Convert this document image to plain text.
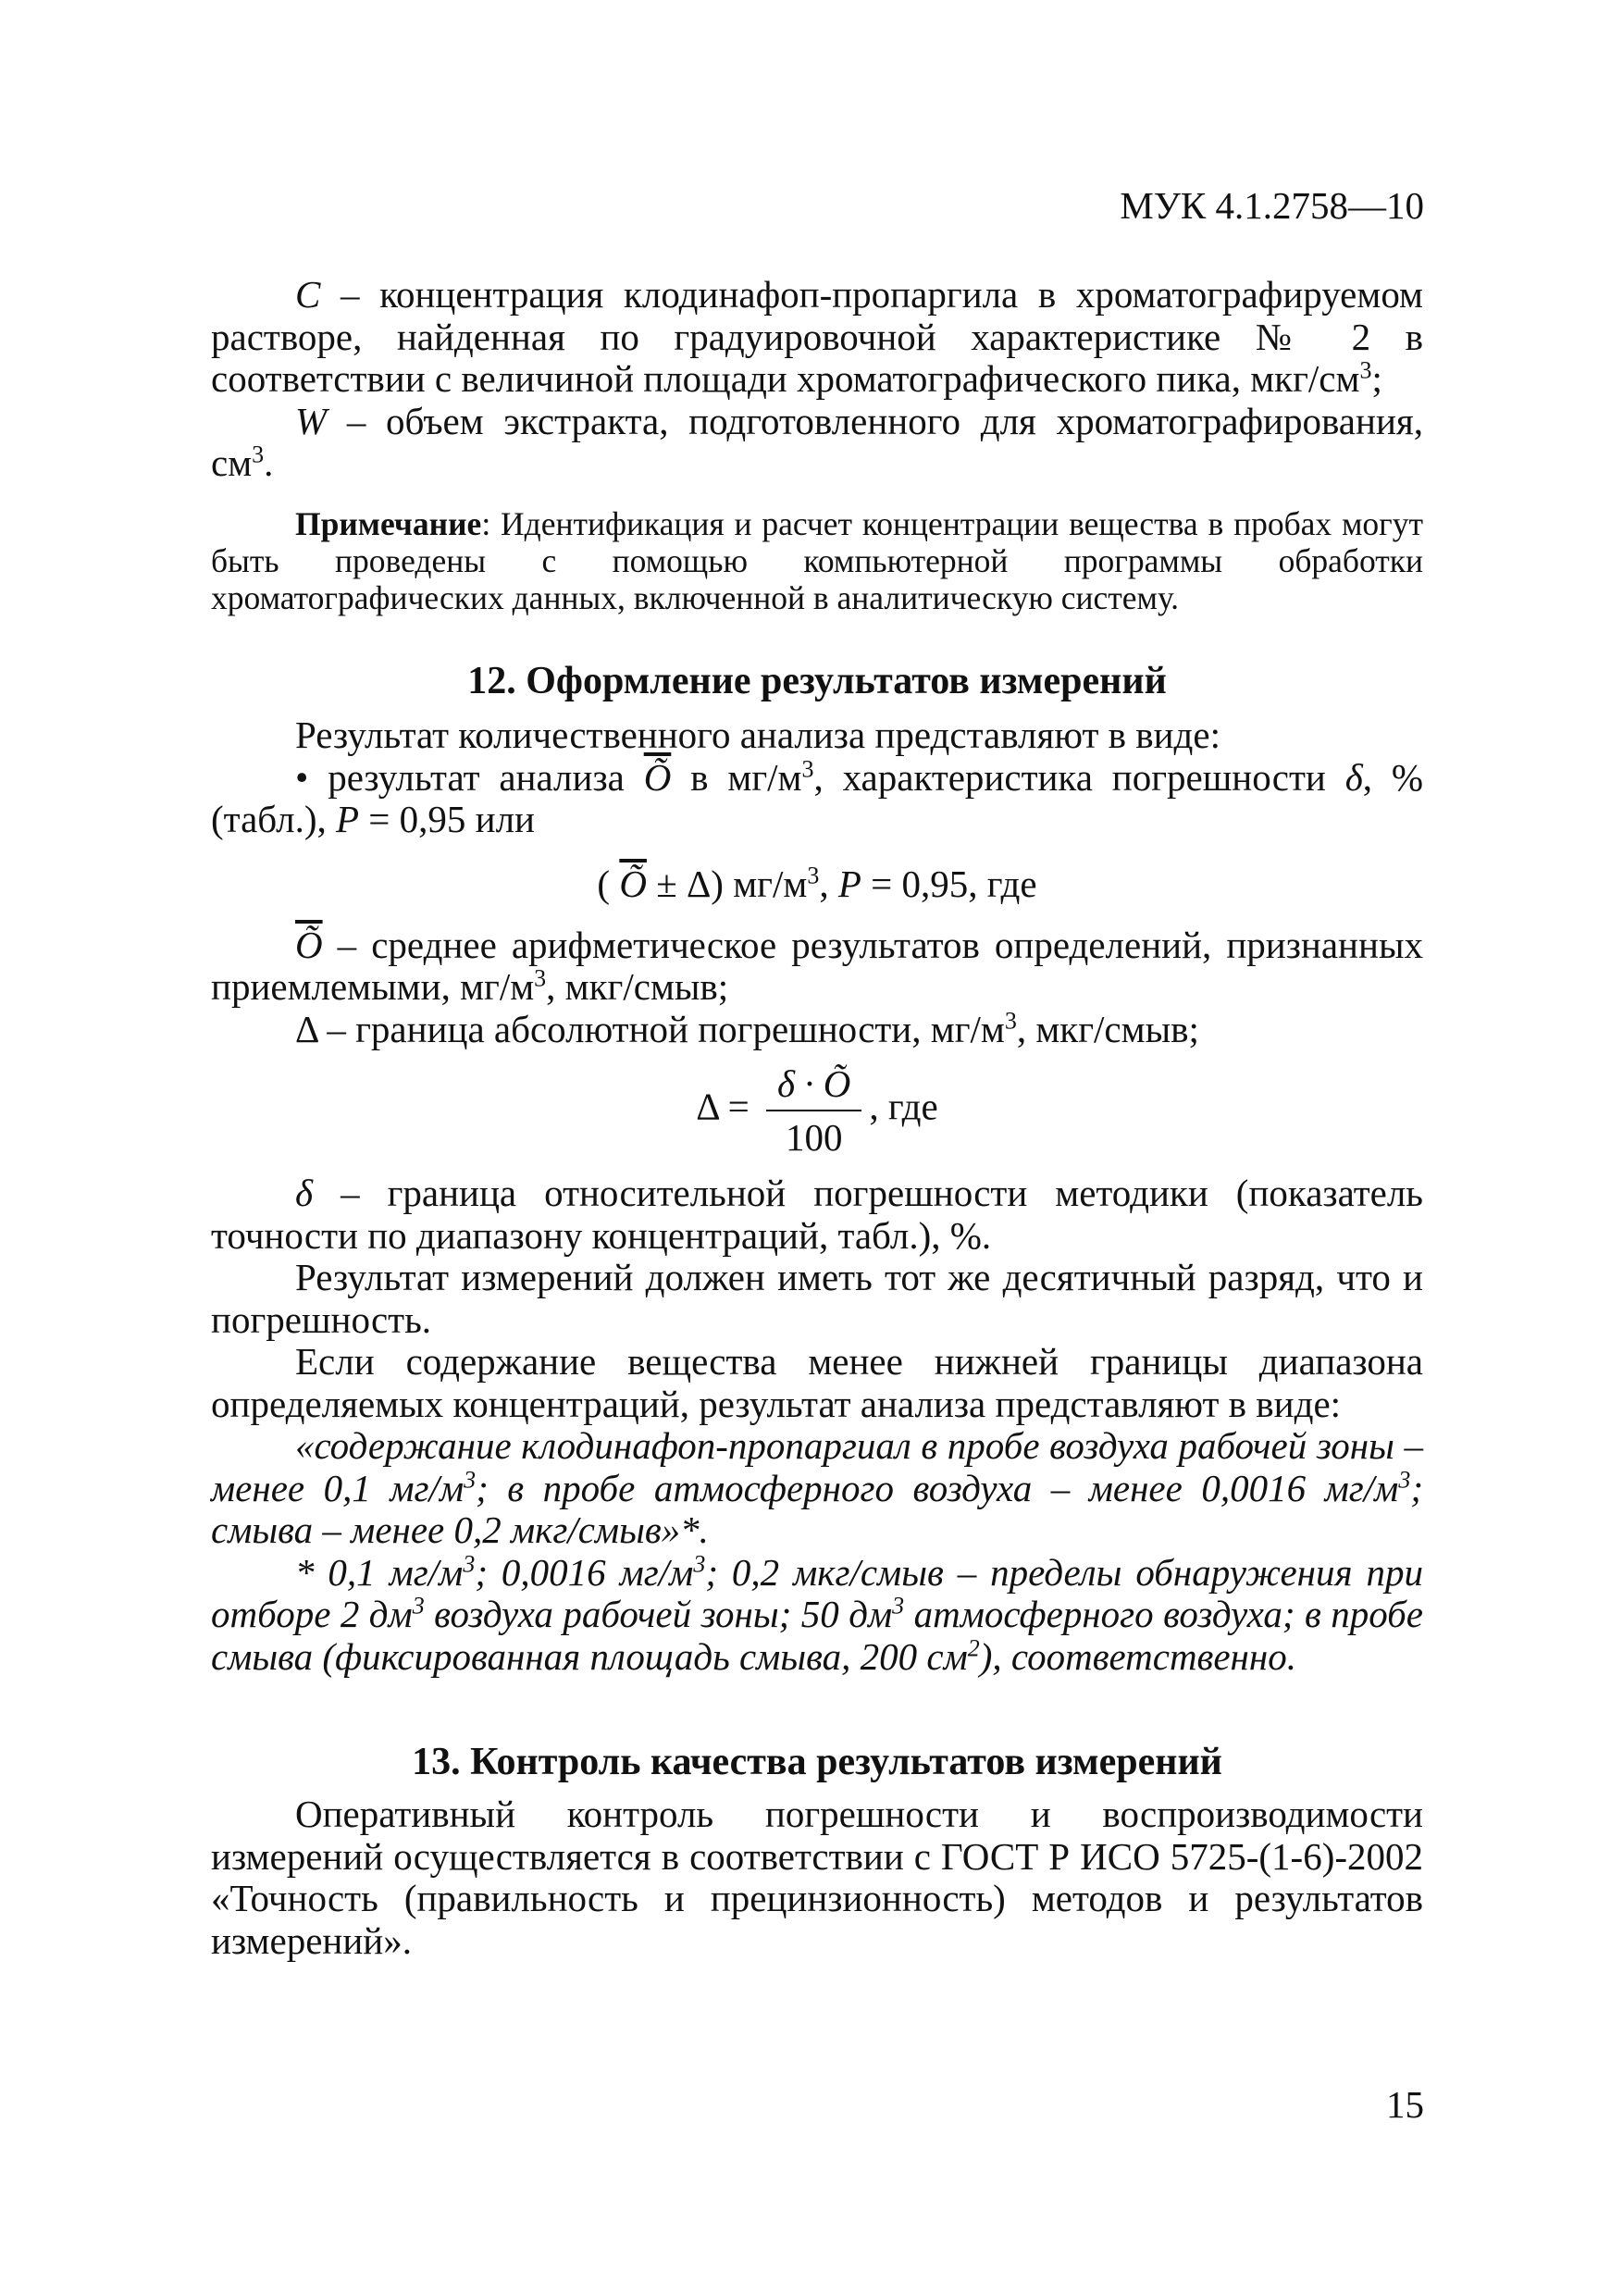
МУК 4.1.2758—10

С – концентрация клодинафоп-пропаргила в хроматографируемом растворе, найденная по градуировочной характеристике № 2 в соответствии с величиной площади хроматографического пика, мкг/$см^3$;

W – объем экстракта, подготовленного для хроматографирования, $см^3$.

Примечание: Идентификация и расчет концентрации вещества в пробах могут быть проведены с помощью компьютерной программы обработки хроматографических данных, включенной в аналитическую систему.

12. Оформление результатов измерений

Результат количественного анализа представляют в виде:

• результат анализа $\overline{Õ}$ в $мг/м^3$, характеристика погрешности δ, % (табл.), Р = 0,95 или

( $\overline{Õ} \pm \Delta$) $мг/м^3$, Р = 0,95, где

$\overline{Õ}$ – среднее арифметическое результатов определений, признанных приемлемыми, $мг/м^3$, мкг/смыв;

Δ – граница абсолютной погрешности, $мг/м^3$, мкг/смыв;

$\Delta = \frac{\delta \cdot Õ}{100}$ , где

δ – граница относительной погрешности методики (показатель точности по диапазону концентраций, табл.), %.

Результат измерений должен иметь тот же десятичный разряд, что и погрешность.

Если содержание вещества менее нижней границы диапазона определяемых концентраций, результат анализа представляют в виде:

«содержание клодинафоп-пропаргиал в пробе воздуха рабочей зоны – менее 0,1 $мг/м^3$; в пробе атмосферного воздуха – менее 0,0016 $мг/м^3$; смыва – менее 0,2 мкг/смыв»*.

* 0,1 $мг/м^3$; 0,0016 $мг/м^3$; 0,2 мкг/смыв – пределы обнаружения при отборе 2 $дм^3$ воздуха рабочей зоны; 50 $дм^3$ атмосферного воздуха; в пробе смыва (фиксированная площадь смыва, 200 $см^2$), соответственно.

13. Контроль качества результатов измерений

Оперативный контроль погрешности и воспроизводимости измерений осуществляется в соответствии с ГОСТ Р ИСО 5725-(1-6)-2002 «Точность (правильность и прецинзионность) методов и результатов измерений».

15
